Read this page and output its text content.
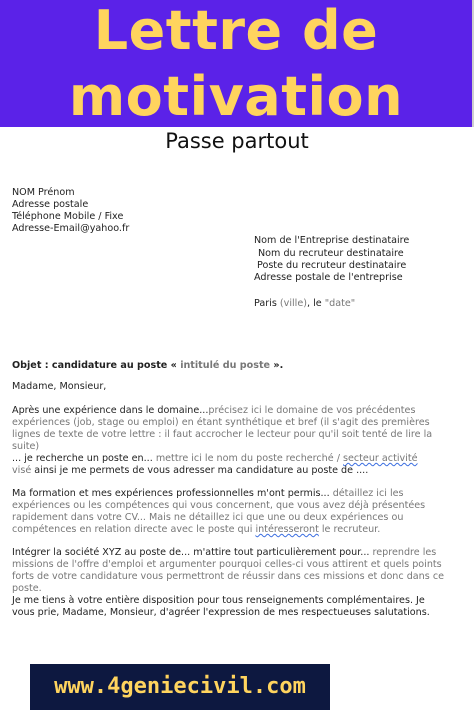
Lettre de
motivation
Passe partout
NOM Prénom
Adresse postale
Téléphone Mobile / Fixe
Adresse-Email@yahoo.fr
Nom de l'Entreprise destinataire
Nom du recruteur destinataire
Poste du recruteur destinataire
Adresse postale de l'entreprise
Paris (ville), le "date"
Objet : candidature au poste « intitulé du poste ».
Madame, Monsieur,
Après une expérience dans le domaine...précisez ici le domaine de vos précédentes
expériences (job, stage ou emploi) en étant synthétique et bref (il s'agit des premières
lignes de texte de votre lettre : il faut accrocher le lecteur pour qu'il soit tenté de lire la
suite)
... je recherche un poste en... mettre ici le nom du poste recherché / secteur activité
visé ainsi je me permets de vous adresser ma candidature au poste de ....
Ma formation et mes expériences professionnelles m'ont permis... détaillez ici les
expériences ou les compétences qui vous concernent, que vous avez déjà présentées
rapidement dans votre CV... Mais ne détaillez ici que une ou deux expériences ou
compétences en relation directe avec le poste qui intéresseront le recruteur.
Intégrer la société XYZ au poste de... m'attire tout particulièrement pour... reprendre les
missions de l'offre d'emploi et argumenter pourquoi celles-ci vous attirent et quels points
forts de votre candidature vous permettront de réussir dans ces missions et donc dans ce
poste.
Je me tiens à votre entière disposition pour tous renseignements complémentaires. Je
vous prie, Madame, Monsieur, d'agréer l'expression de mes respectueuses salutations.
www.4geniecivil.com
